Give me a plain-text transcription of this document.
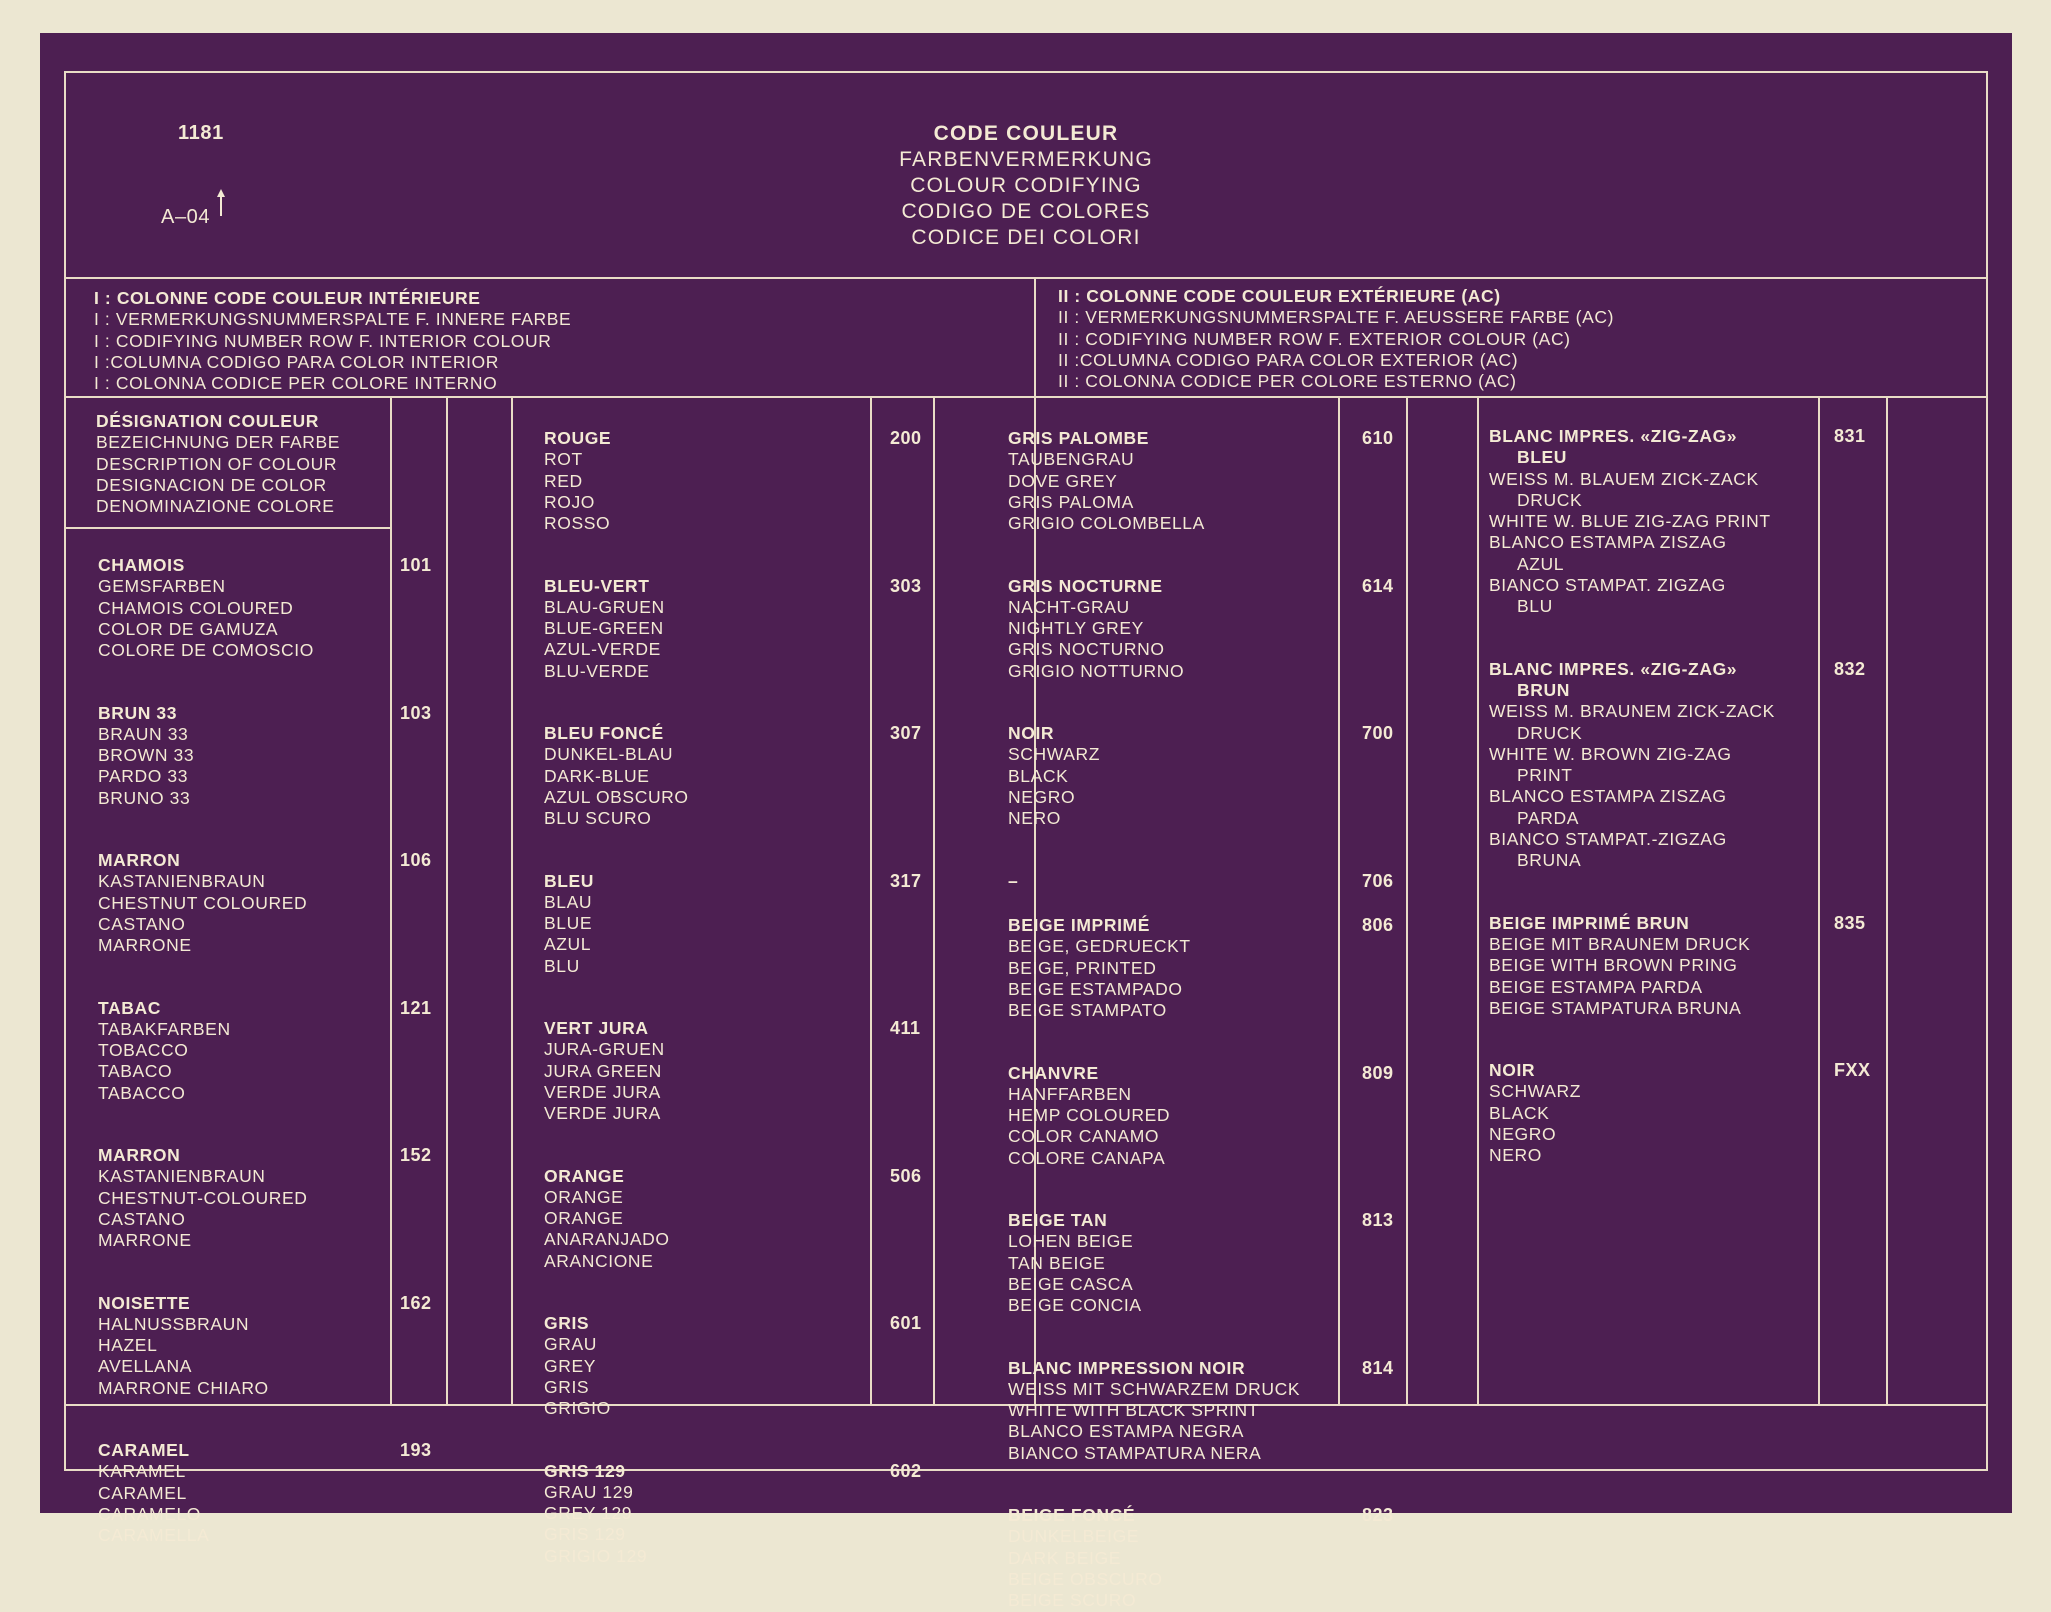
1181
A–04
CODE COULEUR
FARBENVERMERKUNG
COLOUR CODIFYING
CODIGO DE COLORES
CODICE DEI COLORI
I : COLONNE CODE COULEUR INTÉRIEURE
I : VERMERKUNGSNUMMERSPALTE F. INNERE FARBE
I : CODIFYING NUMBER ROW F. INTERIOR COLOUR
I :COLUMNA CODIGO PARA COLOR INTERIOR
I : COLONNA CODICE PER COLORE INTERNO
II : COLONNE CODE COULEUR EXTÉRIEURE (AC)
II : VERMERKUNGSNUMMERSPALTE F. AEUSSERE FARBE (AC)
II : CODIFYING NUMBER ROW F. EXTERIOR COLOUR (AC)
II :COLUMNA CODIGO PARA COLOR EXTERIOR (AC)
II : COLONNA CODICE PER COLORE ESTERNO (AC)
DÉSIGNATION COULEUR
BEZEICHNUNG DER FARBE
DESCRIPTION OF COLOUR
DESIGNACION DE COLOR
DENOMINAZIONE COLORE
CHAMOIS
GEMSFARBEN
CHAMOIS COLOURED
COLOR DE GAMUZA
COLORE DE COMOSCIO
101
BRUN 33
BRAUN 33
BROWN 33
PARDO 33
BRUNO 33
103
MARRON
KASTANIENBRAUN
CHESTNUT COLOURED
CASTANO
MARRONE
106
TABAC
TABAKFARBEN
TOBACCO
TABACO
TABACCO
121
MARRON
KASTANIENBRAUN
CHESTNUT-COLOURED
CASTANO
MARRONE
152
NOISETTE
HALNUSSBRAUN
HAZEL
AVELLANA
MARRONE CHIARO
162
CARAMEL
KARAMEL
CARAMEL
CARAMELO
CARAMELLA
193
ROUGE
ROT
RED
ROJO
ROSSO
200
BLEU-VERT
BLAU-GRUEN
BLUE-GREEN
AZUL-VERDE
BLU-VERDE
303
BLEU FONCÉ
DUNKEL-BLAU
DARK-BLUE
AZUL OBSCURO
BLU SCURO
307
BLEU
BLAU
BLUE
AZUL
BLU
317
VERT JURA
JURA-GRUEN
JURA GREEN
VERDE JURA
VERDE JURA
411
ORANGE
ORANGE
ORANGE
ANARANJADO
ARANCIONE
506
GRIS
GRAU
GREY
GRIS
GRIGIO
601
GRIS 129
GRAU 129
GREY 129
GRIS 129
GRIGIO 129
602
GRIS PALOMBE
TAUBENGRAU
DOVE GREY
GRIS PALOMA
GRIGIO COLOMBELLA
610
GRIS NOCTURNE
NACHT-GRAU
NIGHTLY GREY
GRIS NOCTURNO
GRIGIO NOTTURNO
614
NOIR
SCHWARZ
BLACK
NEGRO
NERO
700
–	706
BEIGE IMPRIMÉ
BEIGE, GEDRUECKT
BEIGE, PRINTED
BEIGE ESTAMPADO
BEIGE STAMPATO
806
CHANVRE
HANFFARBEN
HEMP COLOURED
COLOR CANAMO
COLORE CANAPA
809
BEIGE TAN
LOHEN BEIGE
TAN BEIGE
BEIGE CASCA
BEIGE CONCIA
813
BLANC IMPRESSION NOIR
WEISS MIT SCHWARZEM DRUCK
WHITE WITH BLACK SPRINT
BLANCO ESTAMPA NEGRA
BIANCO STAMPATURA NERA
814
BEIGE FONCÉ
DUNKELBEIGE
DARK BEIGE
BEIGE OBSCURO
BEIGE SCURO
823
BLANC IMPRES. «ZIG-ZAG»
BLEU
WEISS M. BLAUEM ZICK-ZACK
DRUCK
WHITE W. BLUE ZIG-ZAG PRINT
BLANCO ESTAMPA ZISZAG
AZUL
BIANCO STAMPAT. ZIGZAG
BLU
831
BLANC IMPRES. «ZIG-ZAG»
BRUN
WEISS M. BRAUNEM ZICK-ZACK
DRUCK
WHITE W. BROWN ZIG-ZAG
PRINT
BLANCO ESTAMPA ZISZAG
PARDA
BIANCO STAMPAT.-ZIGZAG
BRUNA
832
BEIGE IMPRIMÉ BRUN
BEIGE MIT BRAUNEM DRUCK
BEIGE WITH BROWN PRING
BEIGE ESTAMPA PARDA
BEIGE STAMPATURA BRUNA
835
NOIR
SCHWARZ
BLACK
NEGRO
NERO
FXX
